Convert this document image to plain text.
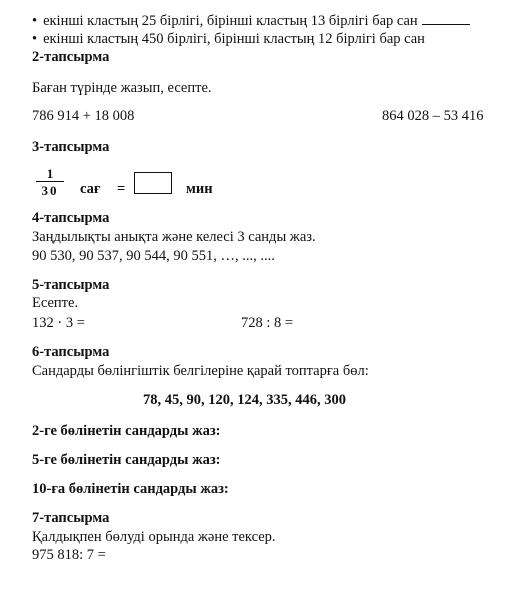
• екінші кластың 25 бірлігі, бірінші кластың 13 бірлігі бар сан
• екінші кластың 450 бірлігі, бірінші кластың 12 бірлігі бар сан
2-тапсырма
Баған түрінде жазып, есепте.
786 914 + 18 008	864 028 – 53 416
3-тапсырма
1
30	сағ =	мин
4-тапсырма
Заңдылықты анықта және келесі 3 санды жаз.
90 530, 90 537, 90 544, 90 551, …, ..., ....
5-тапсырма
Есепте.
132 · 3 =	728 : 8 =
6-тапсырма
Сандарды бөлінгіштік белгілеріне қарай топтарға бөл:
78, 45, 90, 120, 124, 335, 446, 300
2-ге бөлінетін сандарды жаз:
5-ге бөлінетін сандарды жаз:
10-ға бөлінетін сандарды жаз:
7-тапсырма
Қалдықпен бөлуді орында және тексер.
975 818: 7 =
